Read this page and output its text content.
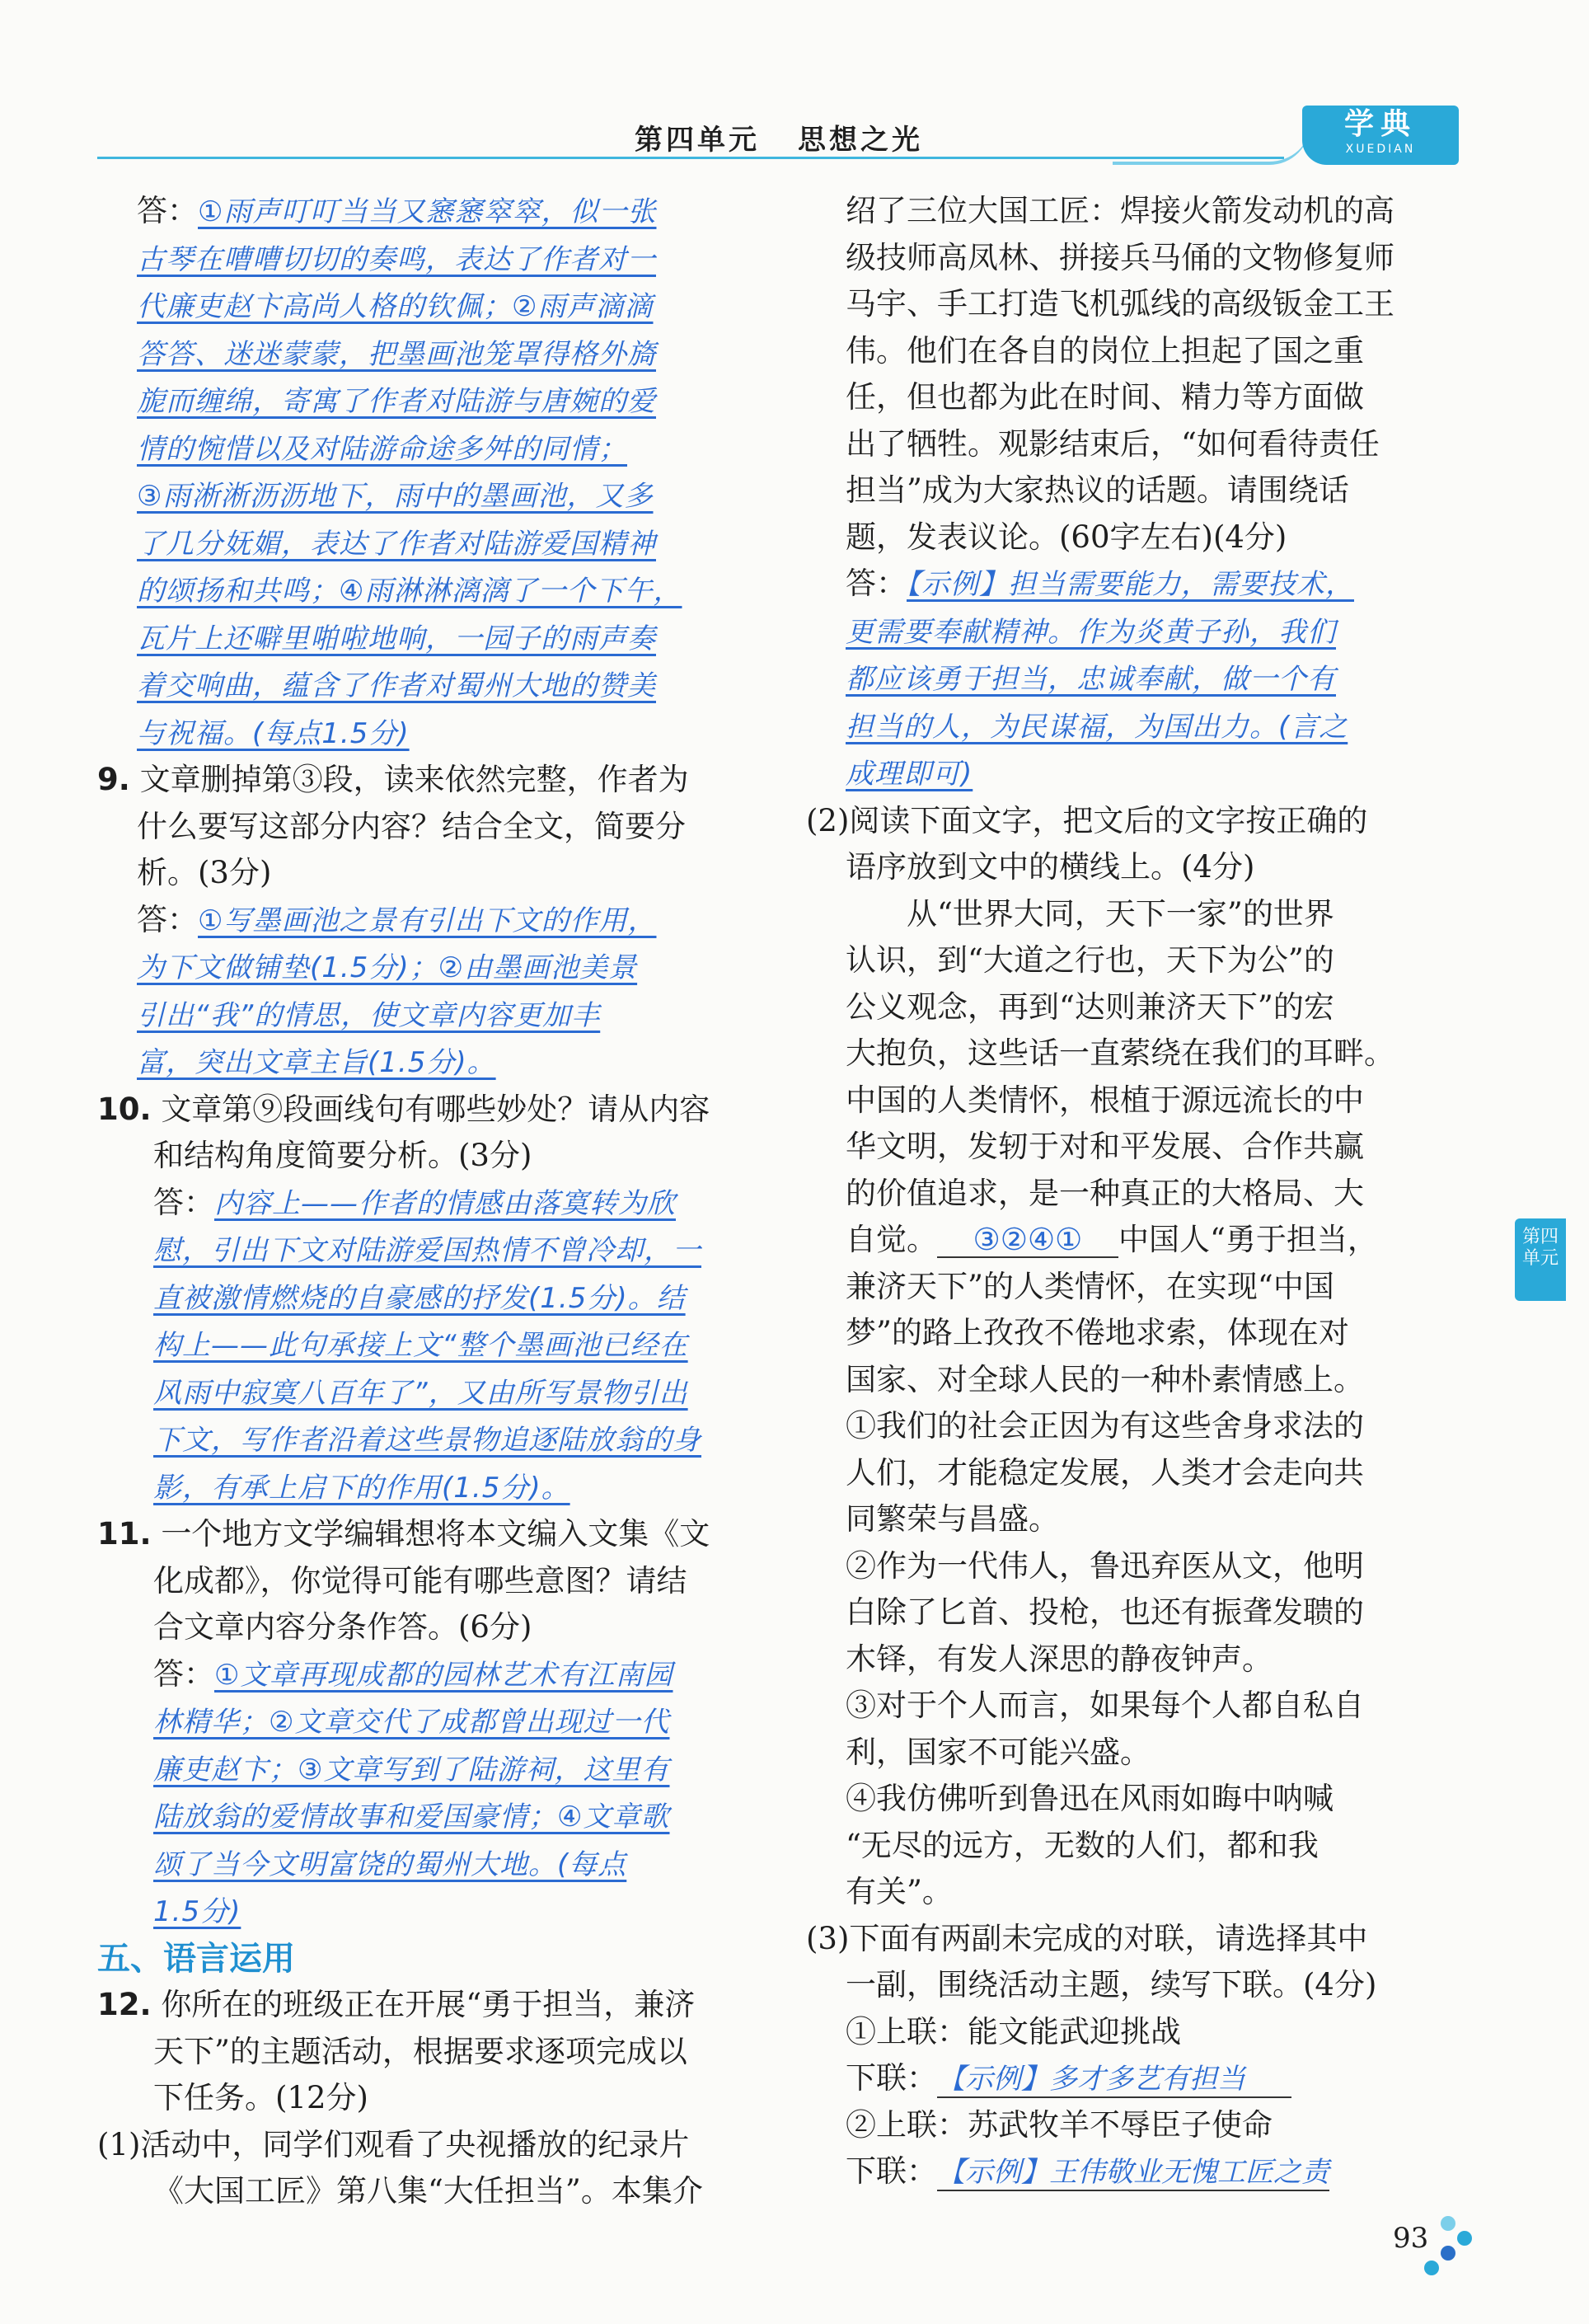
第四单元 思想之光	学典
XUEDIAN
答：①雨声叮叮当当又窸窸窣窣，似一张
古琴在嘈嘈切切的奏鸣，表达了作者对一
代廉吏赵卞高尚人格的钦佩；②雨声滴滴
答答、迷迷蒙蒙，把墨画池笼罩得格外旖
旎而缠绵，寄寓了作者对陆游与唐婉的爱
情的惋惜以及对陆游命途多舛的同情；
③雨淅淅沥沥地下，雨中的墨画池，又多
了几分妩媚，表达了作者对陆游爱国精神
的颂扬和共鸣；④雨淋淋漓漓了一个下午，
瓦片上还噼里啪啦地响，一园子的雨声奏
着交响曲，蕴含了作者对蜀州大地的赞美
与祝福。(每点1.5分)
9. 文章删掉第③段，读来依然完整，作者为
什么要写这部分内容？结合全文，简要分
析。(3分)
答：①写墨画池之景有引出下文的作用，
为下文做铺垫(1.5分)；②由墨画池美景
引出“我”的情思，使文章内容更加丰
富，突出文章主旨(1.5分)。
10. 文章第⑨段画线句有哪些妙处？请从内容
和结构角度简要分析。(3分)
答：内容上——作者的情感由落寞转为欣
慰，引出下文对陆游爱国热情不曾冷却，一
直被激情燃烧的自豪感的抒发(1.5分)。结
构上——此句承接上文“整个墨画池已经在
风雨中寂寞八百年了”，又由所写景物引出
下文，写作者沿着这些景物追逐陆放翁的身
影，有承上启下的作用(1.5分)。
11. 一个地方文学编辑想将本文编入文集《文
化成都》，你觉得可能有哪些意图？请结
合文章内容分条作答。(6分)
答：①文章再现成都的园林艺术有江南园
林精华；②文章交代了成都曾出现过一代
廉吏赵卞；③文章写到了陆游祠，这里有
陆放翁的爱情故事和爱国豪情；④文章歌
颂了当今文明富饶的蜀州大地。(每点
1.5分)
五、语言运用
12. 你所在的班级正在开展“勇于担当，兼济
天下”的主题活动，根据要求逐项完成以
下任务。(12分)
(1)活动中，同学们观看了央视播放的纪录片
《大国工匠》第八集“大任担当”。本集介
绍了三位大国工匠：焊接火箭发动机的高
级技师高凤林、拼接兵马俑的文物修复师
马宇、手工打造飞机弧线的高级钣金工王
伟。他们在各自的岗位上担起了国之重
任，但也都为此在时间、精力等方面做
出了牺牲。观影结束后，“如何看待责任
担当”成为大家热议的话题。请围绕话
题，发表议论。(60字左右)(4分)
答：【示例】担当需要能力，需要技术，
更需要奉献精神。作为炎黄子孙，我们
都应该勇于担当，忠诚奉献，做一个有
担当的人，为民谋福，为国出力。(言之
成理即可)
(2)阅读下面文字，把文后的文字按正确的
语序放到文中的横线上。(4分)
从“世界大同，天下一家”的世界
认识，到“大道之行也，天下为公”的
公义观念，再到“达则兼济天下”的宏
大抱负，这些话一直萦绕在我们的耳畔。
中国的人类情怀，根植于源远流长的中
华文明，发轫于对和平发展、合作共赢
的价值追求，是一种真正的大格局、大
自觉。 ③②④① 中国人“勇于担当，
兼济天下”的人类情怀，在实现“中国
梦”的路上孜孜不倦地求索，体现在对
国家、对全球人民的一种朴素情感上。
①我们的社会正因为有这些舍身求法的
人们，才能稳定发展，人类才会走向共
同繁荣与昌盛。
②作为一代伟人，鲁迅弃医从文，他明
白除了匕首、投枪，也还有振聋发聩的
木铎，有发人深思的静夜钟声。
③对于个人而言，如果每个人都自私自
利，国家不可能兴盛。
④我仿佛听到鲁迅在风雨如晦中呐喊
“无尽的远方，无数的人们，都和我
有关”。
(3)下面有两副未完成的对联，请选择其中
一副，围绕活动主题，续写下联。(4分)
①上联：能文能武迎挑战
下联：【示例】多才多艺有担当
②上联：苏武牧羊不辱臣子使命
下联：【示例】王伟敬业无愧工匠之责
第四单元
93
